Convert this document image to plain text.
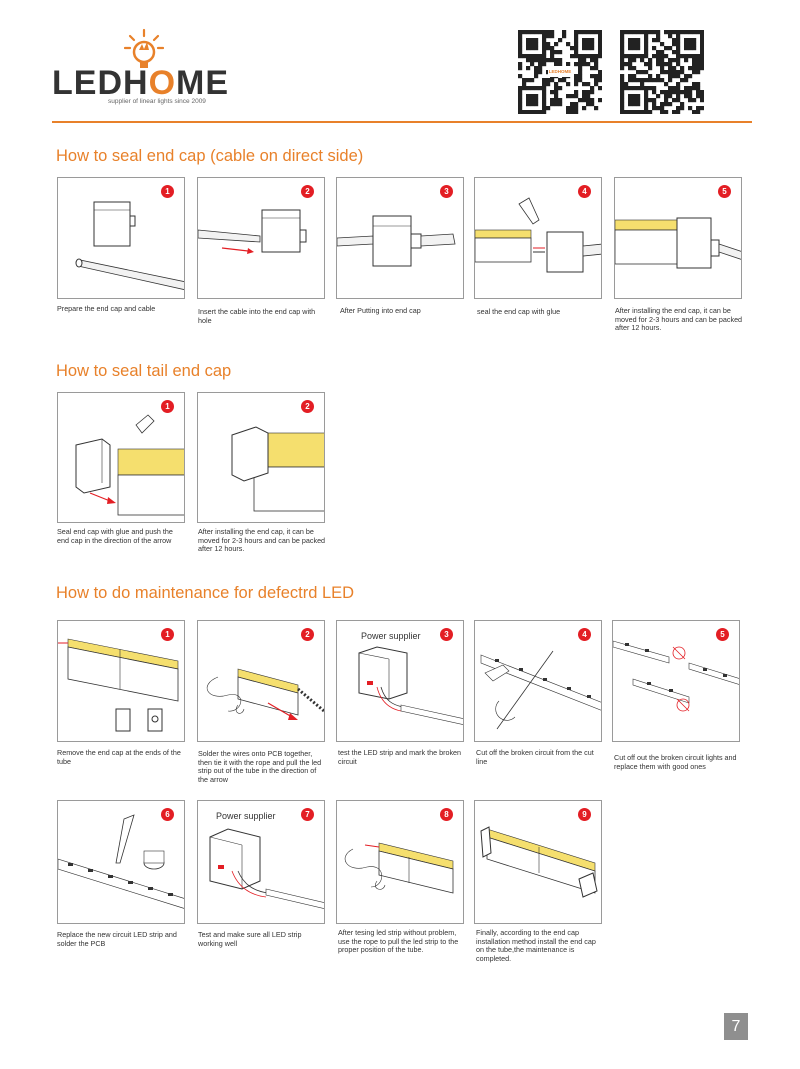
LEDHOME
supplier of linear lights since 2009
LEDHOME
How to seal end cap (cable on direct side)
1
Prepare the end cap and cable
2
Insert the cable into the end cap with hole
3
After Putting into end cap
4
seal the end cap with glue
5
After installing the end cap, it can be moved for 2-3 hours and can be packed after 12 hours.
How to seal tail end cap
1
Seal end cap with glue and push the end cap in the direction of the arrow
2
After installing the end cap, it can be moved for 2-3 hours and can be packed after 12 hours.
How to do maintenance for defectrd LED
1
Remove the end cap at the ends of the tube
2
Solder the wires onto PCB together, then tie it with the rope and pull the led strip out of the tube in the direction of the arrow
3
Power supplier
test the LED strip and mark the broken circuit
4
Cut off the broken circuit from the cut line
5
Cut off out the broken circuit lights and replace them with good ones
6
Replace the new circuit LED strip and solder the PCB
7
Power supplier
Test and make sure all LED strip working well
8
After tesing led strip without problem, use the rope to pull the led strip to the proper position of the tube.
9
Finally, according to the end cap installation method install the end cap on the tube,the maintenance is completed.
7
